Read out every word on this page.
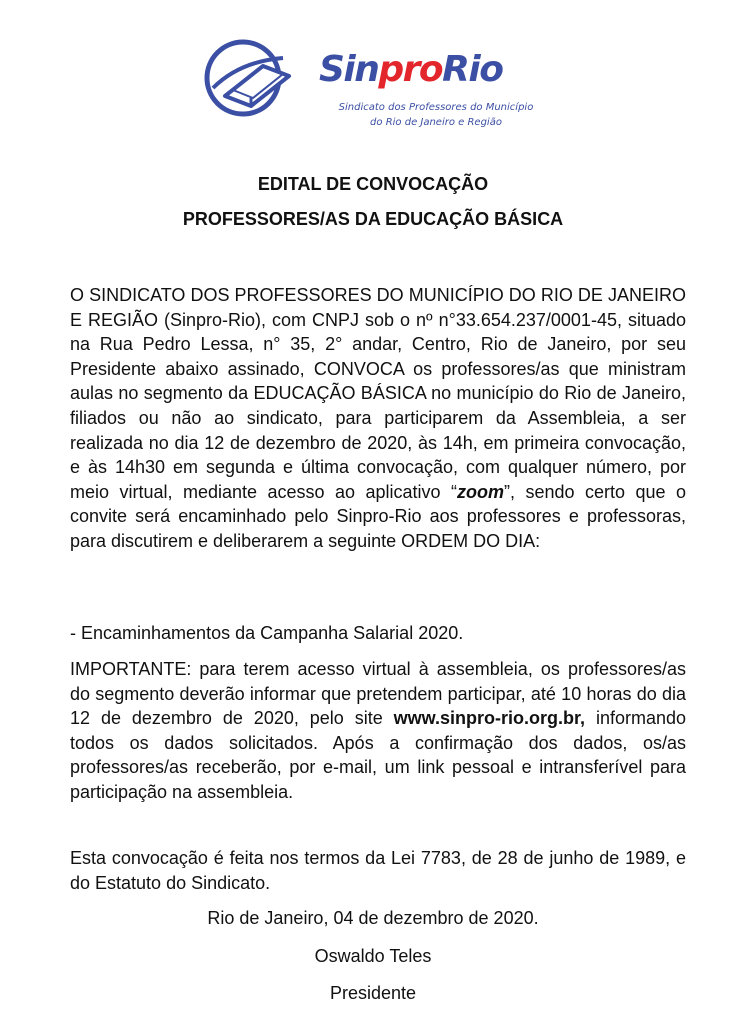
SinproRio
Sindicato dos Professores do Município
do Rio de Janeiro e Região
EDITAL DE CONVOCAÇÃO
PROFESSORES/AS DA EDUCAÇÃO BÁSICA

O SINDICATO DOS PROFESSORES DO MUNICÍPIO DO RIO DE JANEIRO E REGIÃO (Sinpro-Rio), com CNPJ sob o nº n°33.654.237/0001-45, situado na Rua Pedro Lessa, n° 35, 2° andar, Centro, Rio de Janeiro, por seu Presidente abaixo assinado, CONVOCA os professores/as que ministram aulas no segmento da EDUCAÇÃO BÁSICA no município do Rio de Janeiro, filiados ou não ao sindicato, para participarem da Assembleia, a ser realizada no dia 12 de dezembro de 2020, às 14h, em primeira convocação, e às 14h30 em segunda e última convocação, com qualquer número, por meio virtual, mediante acesso ao aplicativo “zoom”, sendo certo que o convite será encaminhado pelo Sinpro-Rio aos professores e professoras, para discutirem e deliberarem a seguinte ORDEM DO DIA:

- Encaminhamentos da Campanha Salarial 2020.

IMPORTANTE: para terem acesso virtual à assembleia, os professores/as do segmento deverão informar que pretendem participar, até 10 horas do dia 12 de dezembro de 2020, pelo site www.sinpro-rio.org.br, informando todos os dados solicitados. Após a confirmação dos dados, os/as professores/as receberão, por e-mail, um link pessoal e intransferível para participação na assembleia.

Esta convocação é feita nos termos da Lei 7783, de 28 de junho de 1989, e do Estatuto do Sindicato.

Rio de Janeiro, 04 de dezembro de 2020.
Oswaldo Teles
Presidente
